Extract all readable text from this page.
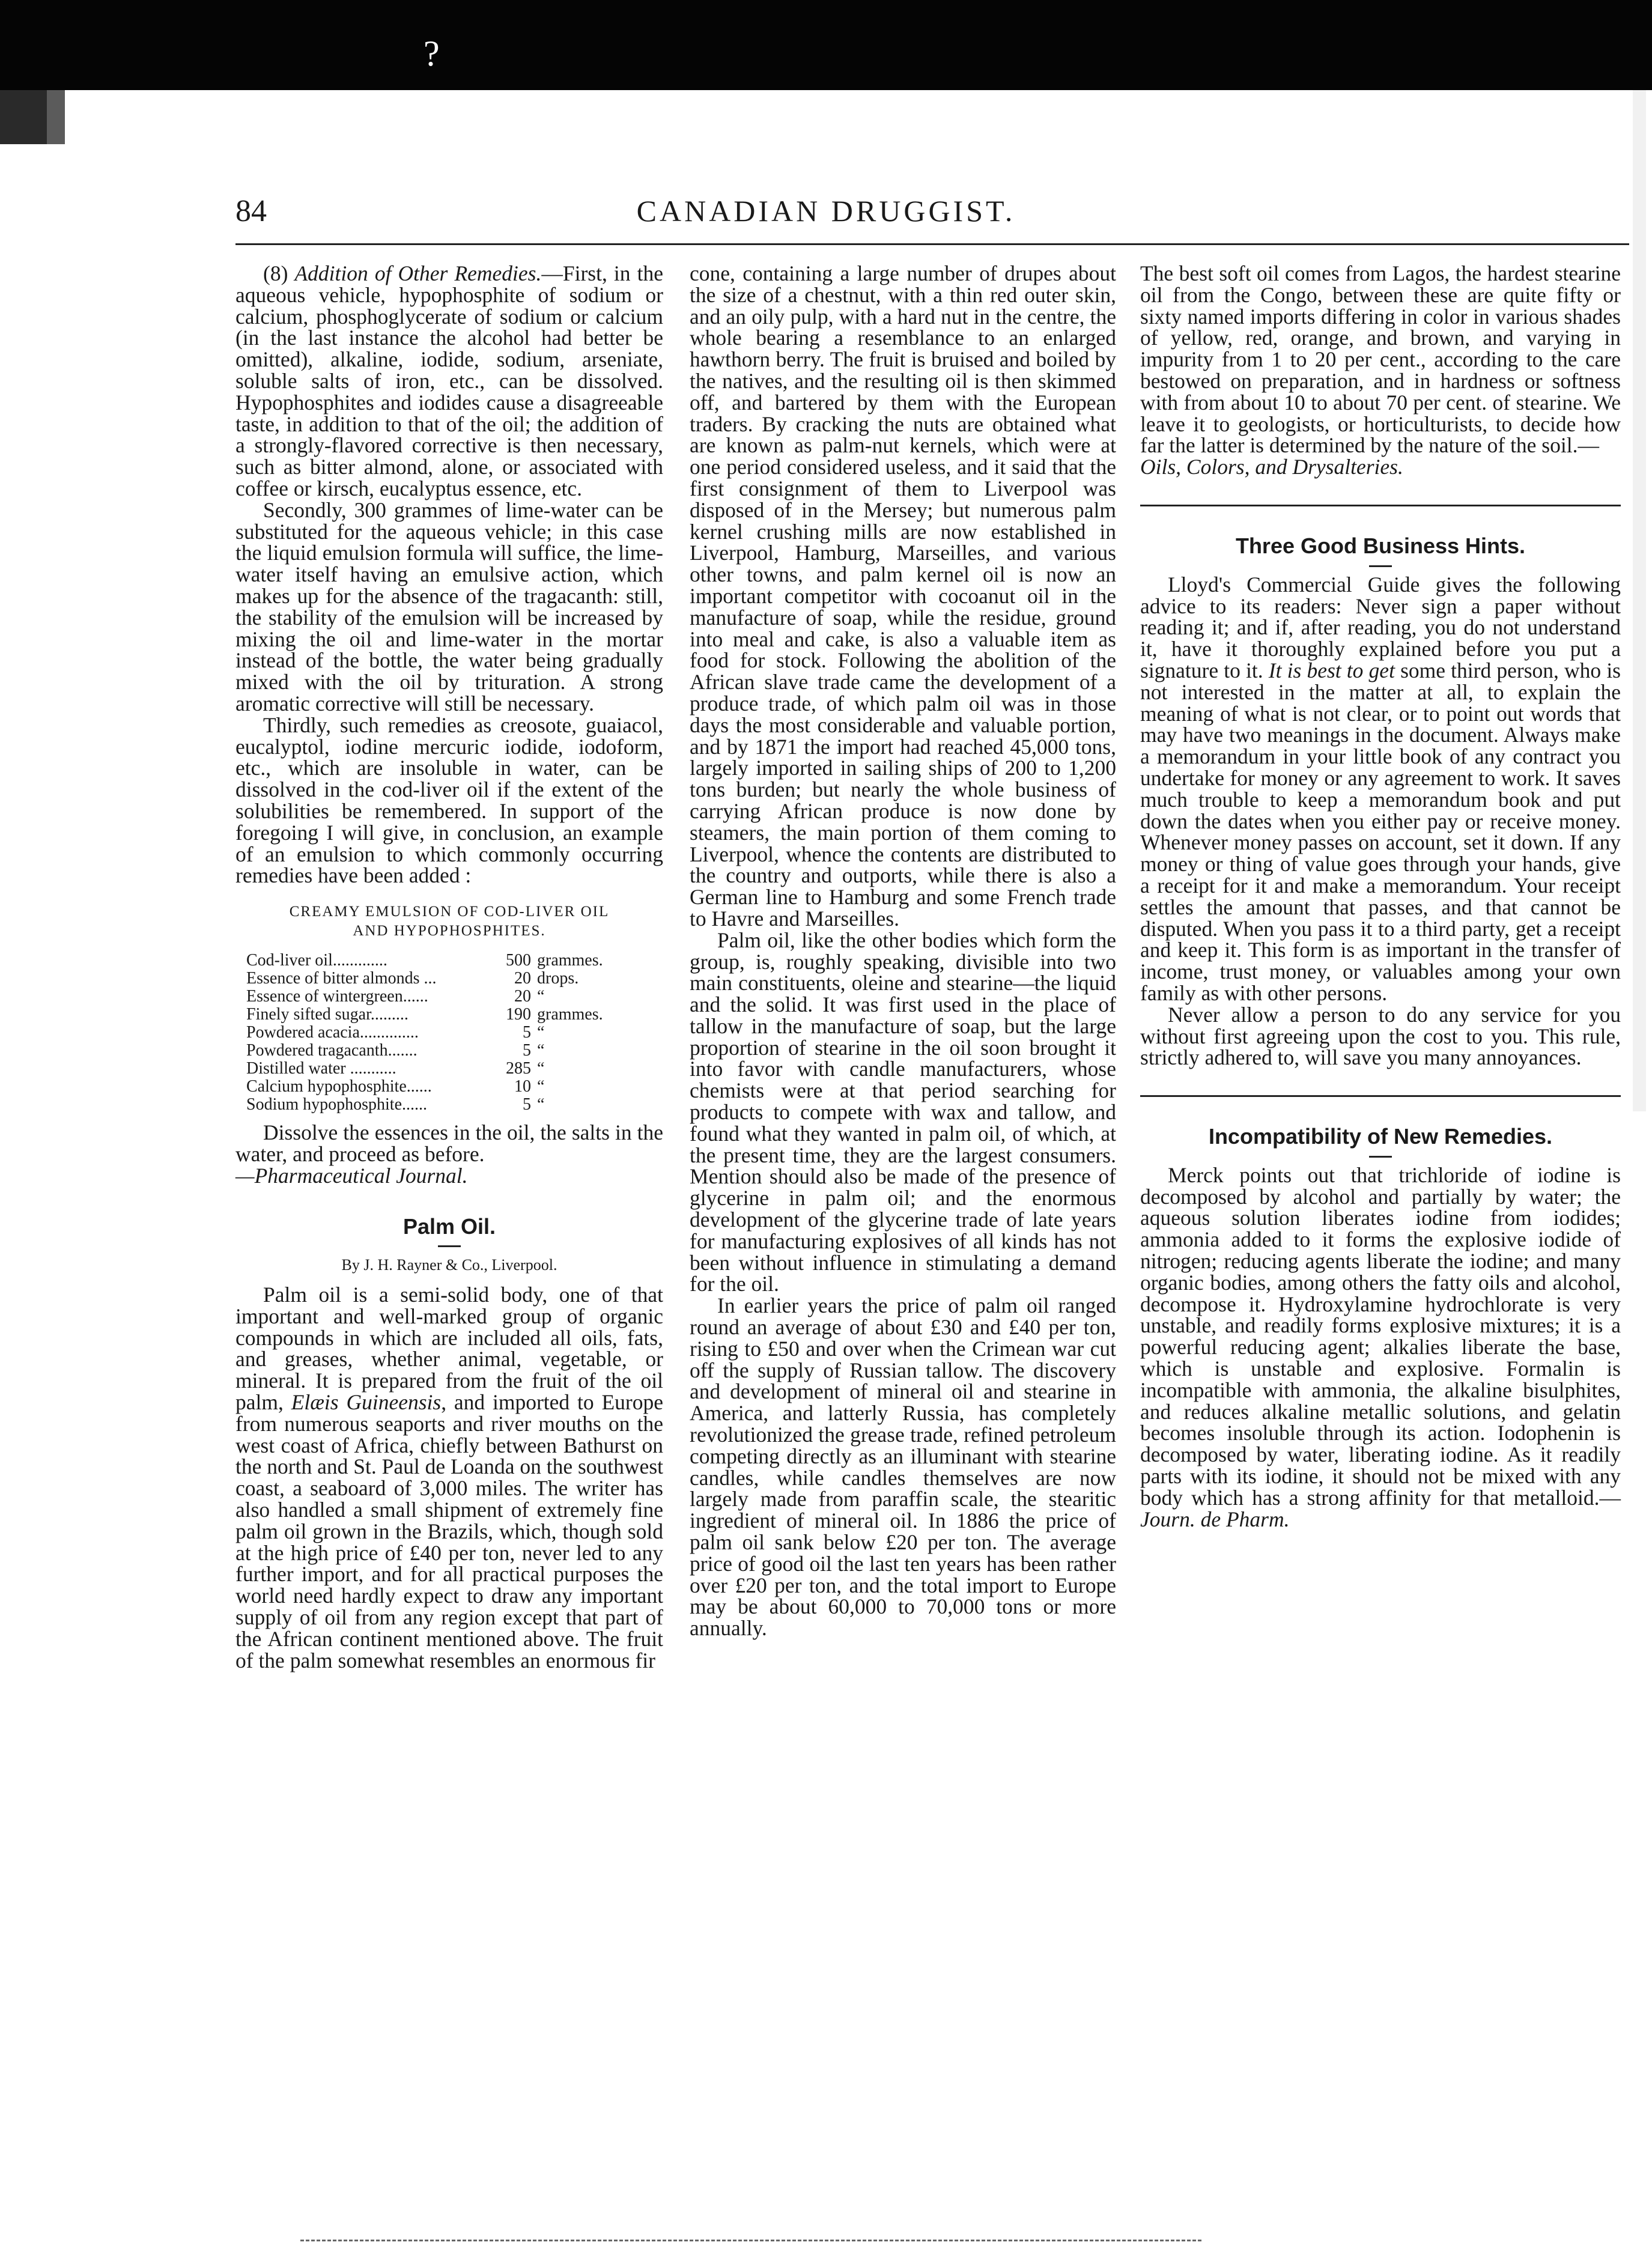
?
84	CANADIAN DRUGGIST.

(8) Addition of Other Remedies.—First, in the aqueous vehicle, hypophosphite of sodium or calcium, phosphoglycerate of sodium or calcium (in the last instance the alcohol had better be omitted), alkaline, iodide, sodium, arseniate, soluble salts of iron, etc., can be dissolved. Hypophosphites and iodides cause a disagreeable taste, in addition to that of the oil; the addition of a strongly-flavored corrective is then necessary, such as bitter almond, alone, or associated with coffee or kirsch, eucalyptus essence, etc.

Secondly, 300 grammes of lime-water can be substituted for the aqueous vehicle; in this case the liquid emulsion formula will suffice, the lime-water itself having an emulsive action, which makes up for the absence of the tragacanth: still, the stability of the emulsion will be increased by mixing the oil and lime-water in the mortar instead of the bottle, the water being gradually mixed with the oil by trituration. A strong aromatic corrective will still be necessary.

Thirdly, such remedies as creosote, guaiacol, eucalyptol, iodine mercuric iodide, iodoform, etc., which are insoluble in water, can be dissolved in the cod-liver oil if the extent of the solubilities be remembered. In support of the foregoing I will give, in conclusion, an example of an emulsion to which commonly occurring remedies have been added :

CREAMY EMULSION OF COD-LIVER OIL
AND HYPOPHOSPHITES.
Cod-liver oil.............	500 grammes.
Essence of bitter almonds ...	20 drops.
Essence of wintergreen......	20 “
Finely sifted sugar.........	190 grammes.
Powdered acacia..............	5 “
Powdered tragacanth.......	5 “
Distilled water ...........	285 “
Calcium hypophosphite......	10 “
Sodium hypophosphite......	5 “

Dissolve the essences in the oil, the salts in the water, and proceed as before.
—Pharmaceutical Journal.

Palm Oil.
By J. H. Rayner & Co., Liverpool.

Palm oil is a semi-solid body, one of that important and well-marked group of organic compounds in which are included all oils, fats, and greases, whether animal, vegetable, or mineral. It is prepared from the fruit of the oil palm, Elæis Guineensis, and imported to Europe from numerous seaports and river mouths on the west coast of Africa, chiefly between Bathurst on the north and St. Paul de Loanda on the southwest coast, a seaboard of 3,000 miles. The writer has also handled a small shipment of extremely fine palm oil grown in the Brazils, which, though sold at the high price of £40 per ton, never led to any further import, and for all practical purposes the world need hardly expect to draw any important supply of oil from any region except that part of the African continent mentioned above. The fruit of the palm somewhat resembles an enormous fir

cone, containing a large number of drupes about the size of a chestnut, with a thin red outer skin, and an oily pulp, with a hard nut in the centre, the whole bearing a resemblance to an enlarged hawthorn berry. The fruit is bruised and boiled by the natives, and the resulting oil is then skimmed off, and bartered by them with the European traders. By cracking the nuts are obtained what are known as palm-nut kernels, which were at one period considered useless, and it said that the first consignment of them to Liverpool was disposed of in the Mersey; but numerous palm kernel crushing mills are now established in Liverpool, Hamburg, Marseilles, and various other towns, and palm kernel oil is now an important competitor with cocoanut oil in the manufacture of soap, while the residue, ground into meal and cake, is also a valuable item as food for stock. Following the abolition of the African slave trade came the development of a produce trade, of which palm oil was in those days the most considerable and valuable portion, and by 1871 the import had reached 45,000 tons, largely imported in sailing ships of 200 to 1,200 tons burden; but nearly the whole business of carrying African produce is now done by steamers, the main portion of them coming to Liverpool, whence the contents are distributed to the country and outports, while there is also a German line to Hamburg and some French trade to Havre and Marseilles.

Palm oil, like the other bodies which form the group, is, roughly speaking, divisible into two main constituents, oleine and stearine—the liquid and the solid. It was first used in the place of tallow in the manufacture of soap, but the large proportion of stearine in the oil soon brought it into favor with candle manufacturers, whose chemists were at that period searching for products to compete with wax and tallow, and found what they wanted in palm oil, of which, at the present time, they are the largest consumers. Mention should also be made of the presence of glycerine in palm oil; and the enormous development of the glycerine trade of late years for manufacturing explosives of all kinds has not been without influence in stimulating a demand for the oil.

In earlier years the price of palm oil ranged round an average of about £30 and £40 per ton, rising to £50 and over when the Crimean war cut off the supply of Russian tallow. The discovery and development of mineral oil and stearine in America, and latterly Russia, has completely revolutionized the grease trade, refined petroleum competing directly as an illuminant with stearine candles, while candles themselves are now largely made from paraffin scale, the stearitic ingredient of mineral oil. In 1886 the price of palm oil sank below £20 per ton. The average price of good oil the last ten years has been rather over £20 per ton, and the total import to Europe may be about 60,000 to 70,000 tons or more annually.

The best soft oil comes from Lagos, the hardest stearine oil from the Congo, between these are quite fifty or sixty named imports differing in color in various shades of yellow, red, orange, and brown, and varying in impurity from 1 to 20 per cent., according to the care bestowed on preparation, and in hardness or softness with from about 10 to about 70 per cent. of stearine. We leave it to geologists, or horticulturists, to decide how far the latter is determined by the nature of the soil.—
Oils, Colors, and Drysalteries.

Three Good Business Hints.

Lloyd's Commercial Guide gives the following advice to its readers: Never sign a paper without reading it; and if, after reading, you do not understand it, have it thoroughly explained before you put a signature to it. It is best to get some third person, who is not interested in the matter at all, to explain the meaning of what is not clear, or to point out words that may have two meanings in the document. Always make a memorandum in your little book of any contract you undertake for money or any agreement to work. It saves much trouble to keep a memorandum book and put down the dates when you either pay or receive money. Whenever money passes on account, set it down. If any money or thing of value goes through your hands, give a receipt for it and make a memorandum. Your receipt settles the amount that passes, and that cannot be disputed. When you pass it to a third party, get a receipt and keep it. This form is as important in the transfer of income, trust money, or valuables among your own family as with other persons.

Never allow a person to do any service for you without first agreeing upon the cost to you. This rule, strictly adhered to, will save you many annoyances.

Incompatibility of New Remedies.

Merck points out that trichloride of iodine is decomposed by alcohol and partially by water; the aqueous solution liberates iodine from iodides; ammonia added to it forms the explosive iodide of nitrogen; reducing agents liberate the iodine; and many organic bodies, among others the fatty oils and alcohol, decompose it. Hydroxylamine hydrochlorate is very unstable, and readily forms explosive mixtures; it is a powerful reducing agent; alkalies liberate the base, which is unstable and explosive. Formalin is incompatible with ammonia, the alkaline bisulphites, and reduces alkaline metallic solutions, and gelatin becomes insoluble through its action. Iodophenin is decomposed by water, liberating iodine. As it readily parts with its iodine, it should not be mixed with any body which has a strong affinity for that metalloid.—Journ. de Pharm.
